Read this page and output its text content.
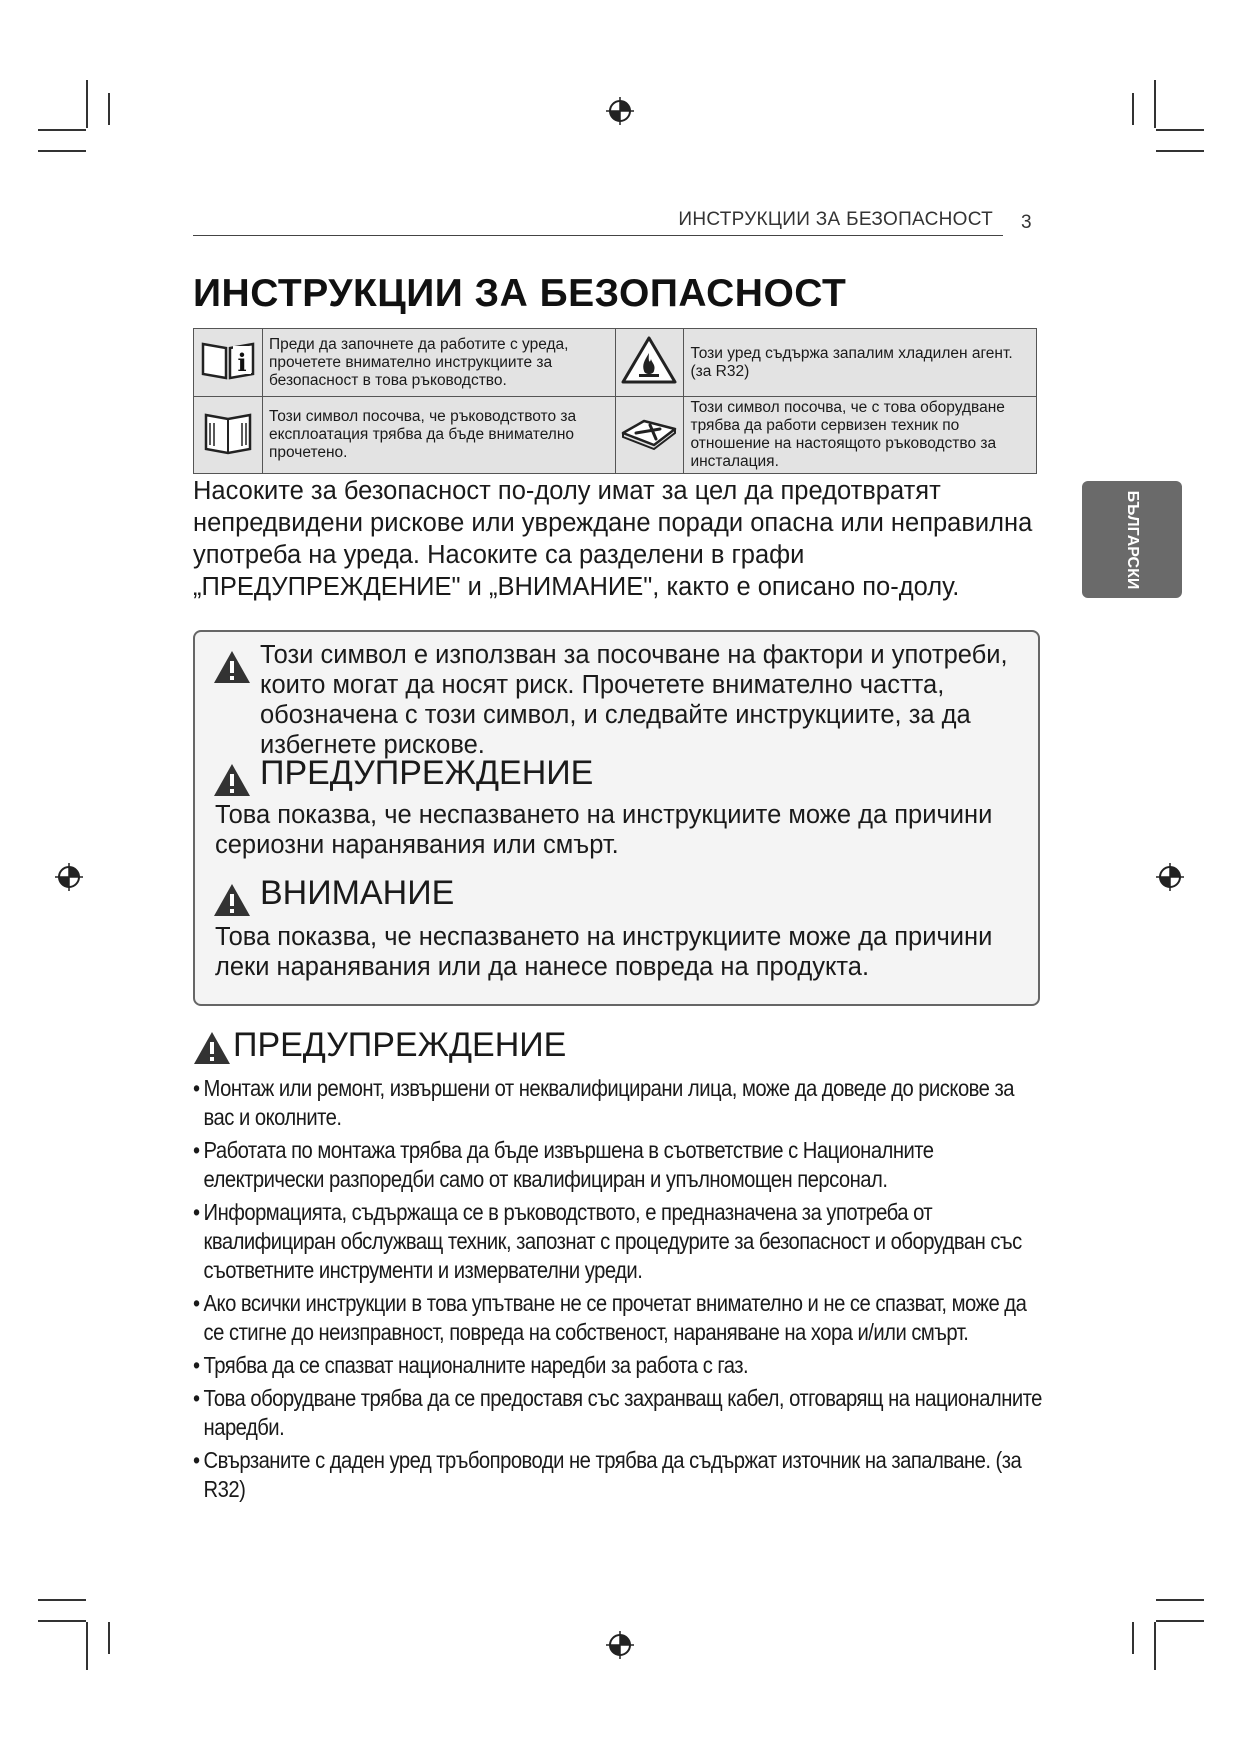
ИНСТРУКЦИИ ЗА БЕЗОПАСНОСТ 3
ИНСТРУКЦИИ ЗА БЕЗОПАСНОСТ
i	Преди да започнете да работите с уреда, прочетете внимателно инструкциите за безопасност в това ръководство.		Този уред съдържа запалим хладилен агент. (за R32)
	Този символ посочва, че ръководството за експлоатация трябва да бъде внимателно прочетено.		Този символ посочва, че с това оборудване трябва да работи сервизен техник по отношение на настоящото ръководство за инсталация.
БЪЛГАРСКИ

Насоките за безопасност по-долу имат за цел да предотвратят непредвидени рискове или увреждане поради опасна или неправилна употреба на уреда. Насоките са разделени в графи „ПРЕДУПРЕЖДЕНИЕ" и „ВНИМАНИЕ", както е описано по-долу.

Този символ е използван за посочване на фактори и употреби, които могат да носят риск. Прочетете внимателно частта, обозначена с този символ, и следвайте инструкциите, за да избегнете рискове.
ПРЕДУПРЕЖДЕНИЕ
Това показва, че неспазването на инструкциите може да причини сериозни наранявания или смърт.
ВНИМАНИЕ
Това показва, че неспазването на инструкциите може да причини леки наранявания или да нанесе повреда на продукта.
ПРЕДУПРЕЖДЕНИЕ
• Монтаж или ремонт, извършени от неквалифицирани лица, може да доведе до рискове за вас и околните.
• Работата по монтажа трябва да бъде извършена в съответствие с Националните електрически разпоредби само от квалифициран и упълномощен персонал.
• Информацията, съдържаща се в ръководството, е предназначена за употреба от квалифициран обслужващ техник, запознат с процедурите за безопасност и оборудван със съответните инструменти и измервателни уреди.
• Ако всички инструкции в това упътване не се прочетат внимателно и не се спазват, може да се стигне до неизправност, повреда на собственост, нараняване на хора и/или смърт.
• Трябва да се спазват националните наредби за работа с газ.
• Това оборудване трябва да се предоставя със захранващ кабел, отговарящ на националните наредби.
• Свързаните с даден уред тръбопроводи не трябва да съдържат източник на запалване. (за R32)
